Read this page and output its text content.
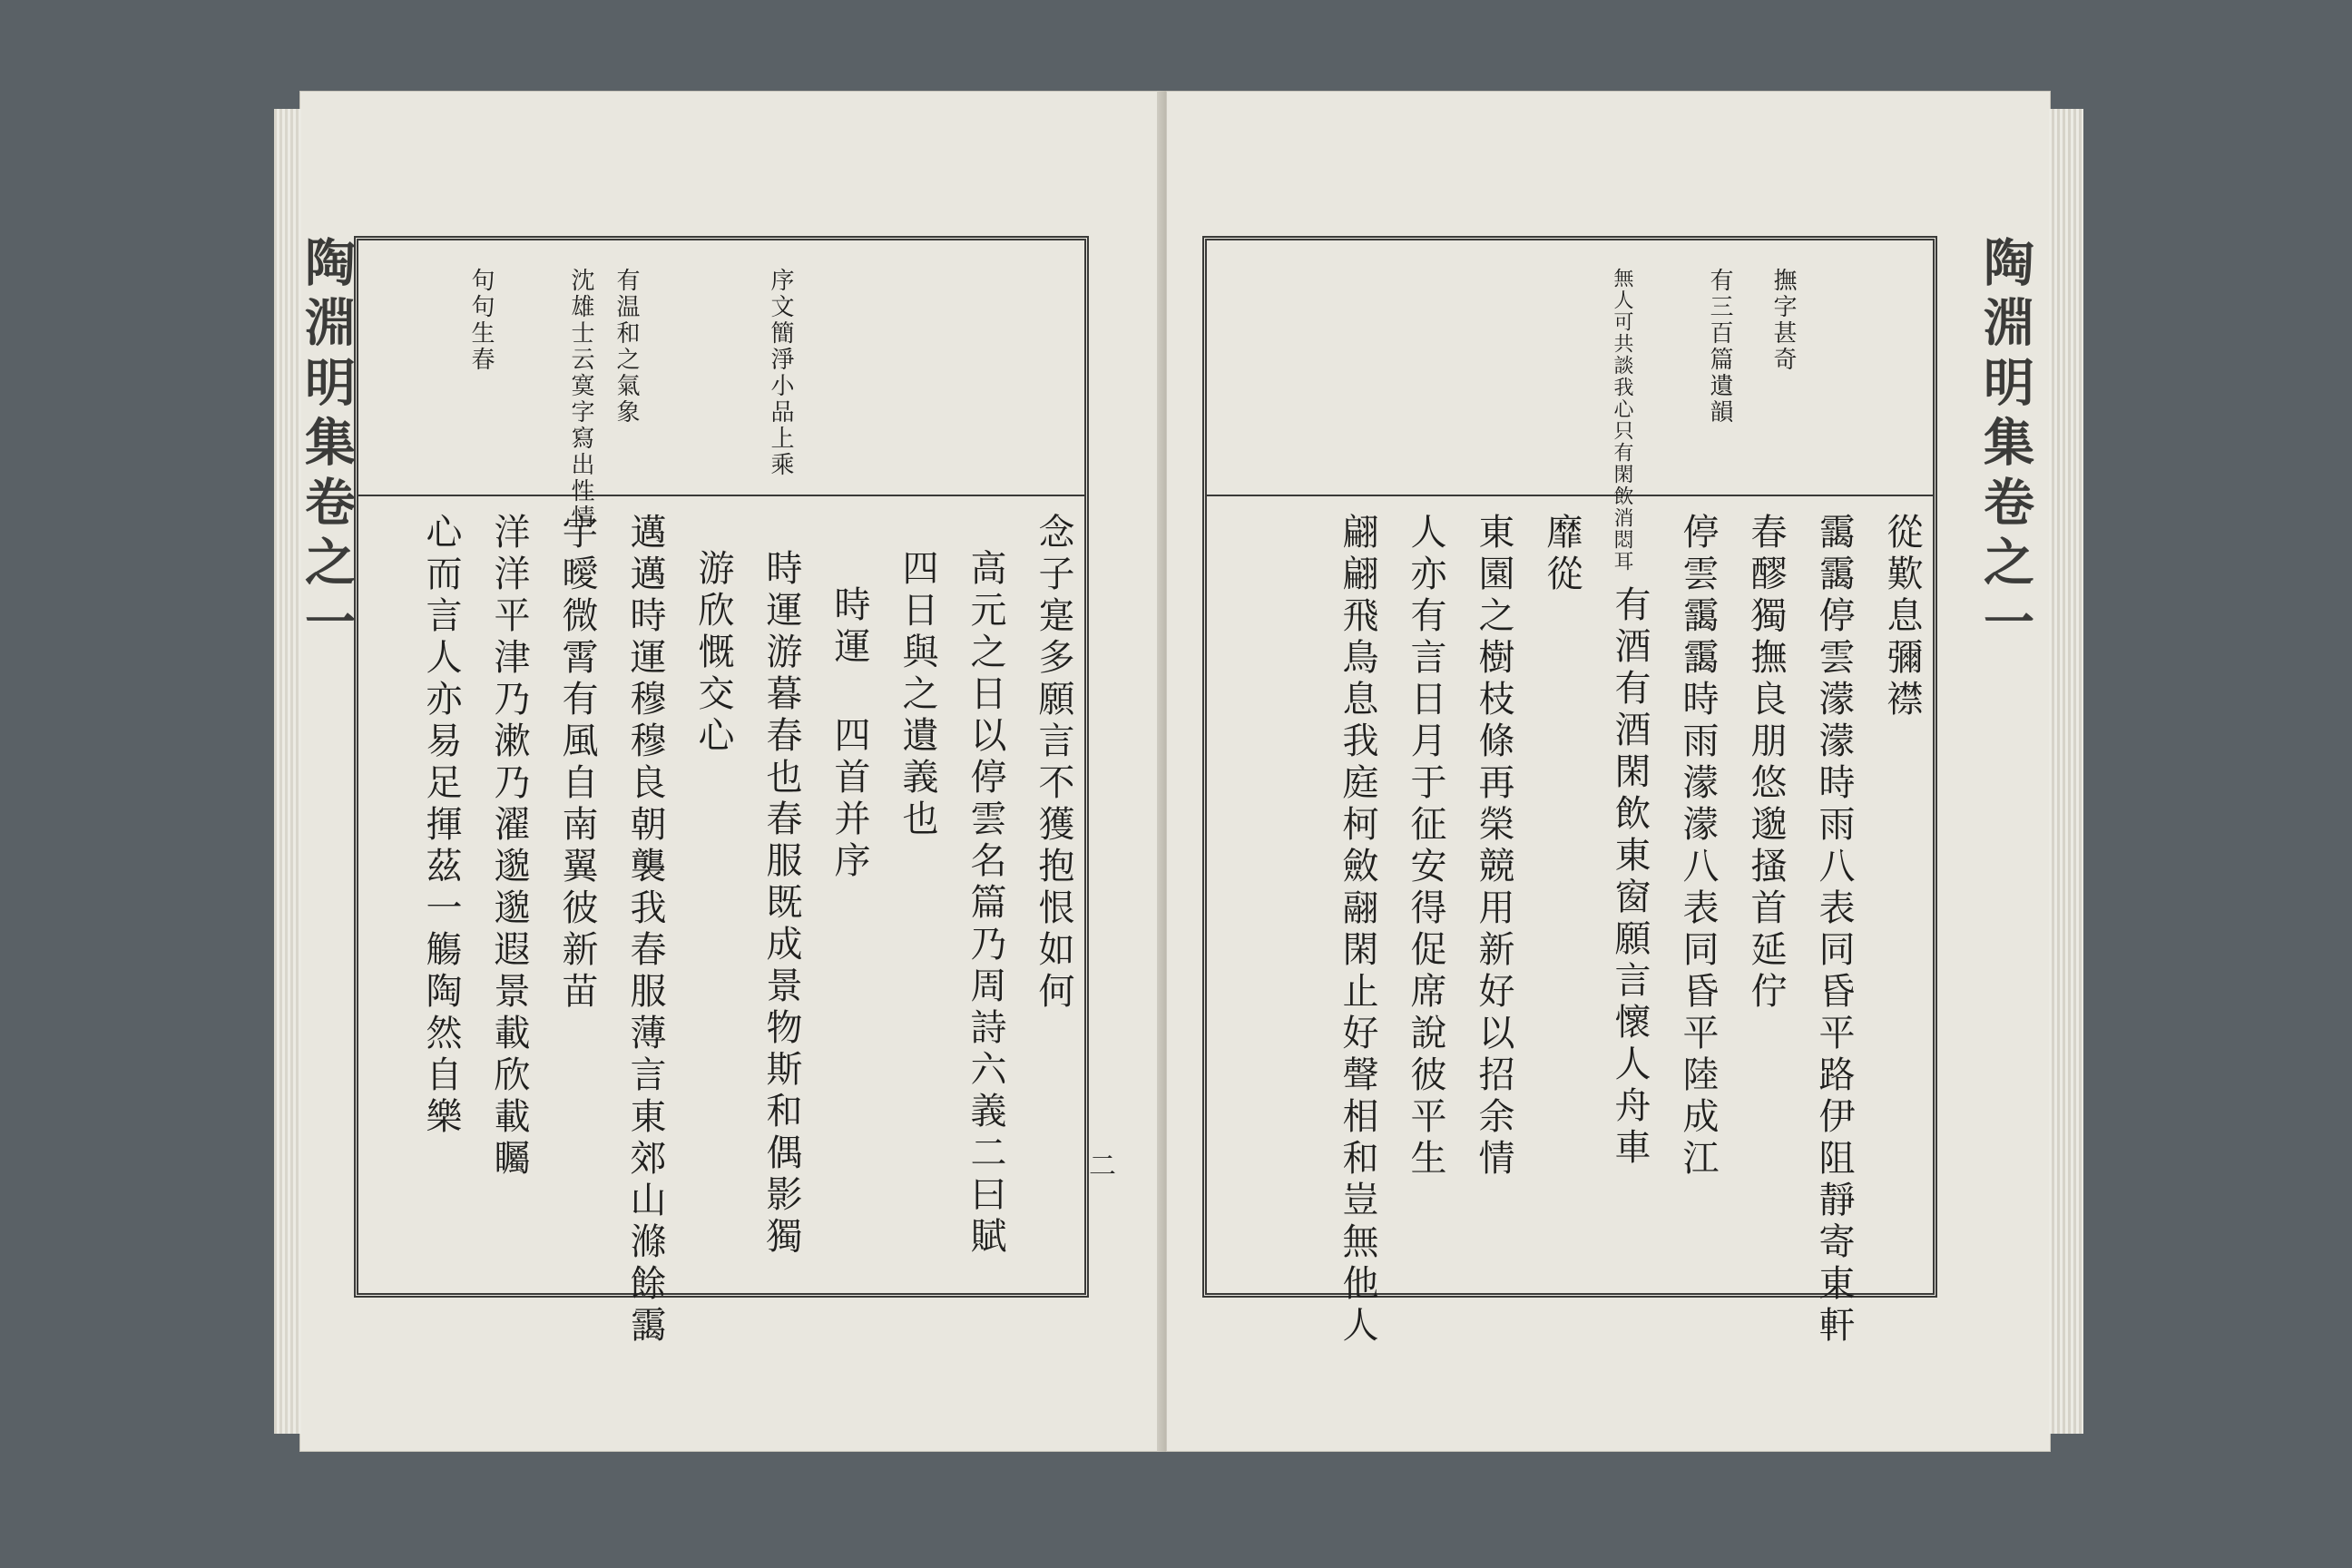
陶淵明集卷之一	序文簡淨小品上乘
有温和之氣象
沈雄士云寞字寫出性情
句句生春
念子寔多願言不獲抱恨如何
高元之日以停雲名篇乃周詩六義二曰賦
四日與之遺義也
時運 四首并序
時運游暮春也春服既成景物斯和偶影獨
游欣慨交心
邁邁時運穆穆良朝襲我春服薄言東郊山滌餘靄
宇曖微霄有風自南翼彼新苗
洋洋平津乃漱乃濯邈邈遐景載欣載矚
心而言人亦易足揮茲一觴陶然自樂
二
陶淵明集卷之一
撫字甚奇
有三百篇遺韻
無人可共談我心只有閑飲消悶耳
從歎息彌襟
靄靄停雲濛濛時雨八表同昏平路伊阻靜寄東軒
春醪獨撫良朋悠邈搔首延佇
停雲靄靄時雨濛濛八表同昏平陸成江
有酒有酒閑飲東窗願言懷人舟車
靡從
東園之樹枝條再榮競用新好以招余情
人亦有言日月于征安得促席說彼平生
翩翩飛鳥息我庭柯斂翮閑止好聲相和豈無他人
